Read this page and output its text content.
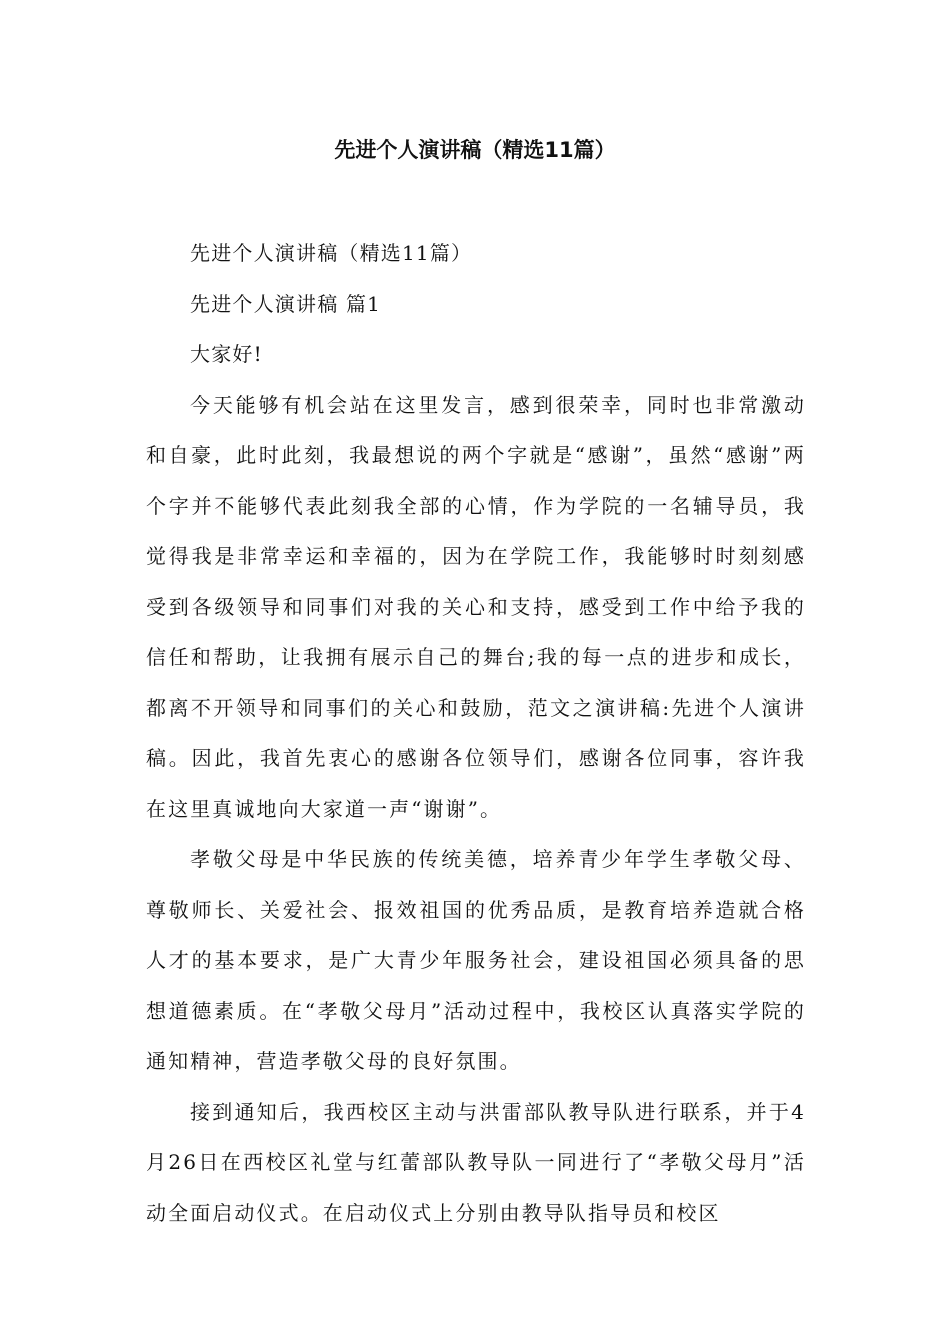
先进个人演讲稿（精选11篇）

先进个人演讲稿（精选11篇）

先进个人演讲稿 篇1

大家好!

今天能够有机会站在这里发言，感到很荣幸，同时也非常激动和自豪，此时此刻，我最想说的两个字就是“感谢”，虽然“感谢”两个字并不能够代表此刻我全部的心情，作为学院的一名辅导员，我觉得我是非常幸运和幸福的，因为在学院工作，我能够时时刻刻感受到各级领导和同事们对我的关心和支持，感受到工作中给予我的信任和帮助，让我拥有展示自己的舞台;我的每一点的进步和成长，都离不开领导和同事们的关心和鼓励，范文之演讲稿:先进个人演讲稿。因此，我首先衷心的感谢各位领导们，感谢各位同事，容许我在这里真诚地向大家道一声“谢谢”。

孝敬父母是中华民族的传统美德，培养青少年学生孝敬父母、尊敬师长、关爱社会、报效祖国的优秀品质，是教育培养造就合格人才的基本要求，是广大青少年服务社会，建设祖国必须具备的思想道德素质。在“孝敬父母月”活动过程中，我校区认真落实学院的通知精神，营造孝敬父母的良好氛围。

接到通知后，我西校区主动与洪雷部队教导队进行联系，并于4月26日在西校区礼堂与红蕾部队教导队一同进行了“孝敬父母月”活动全面启动仪式。在启动仪式上分别由教导队指导员和校区
